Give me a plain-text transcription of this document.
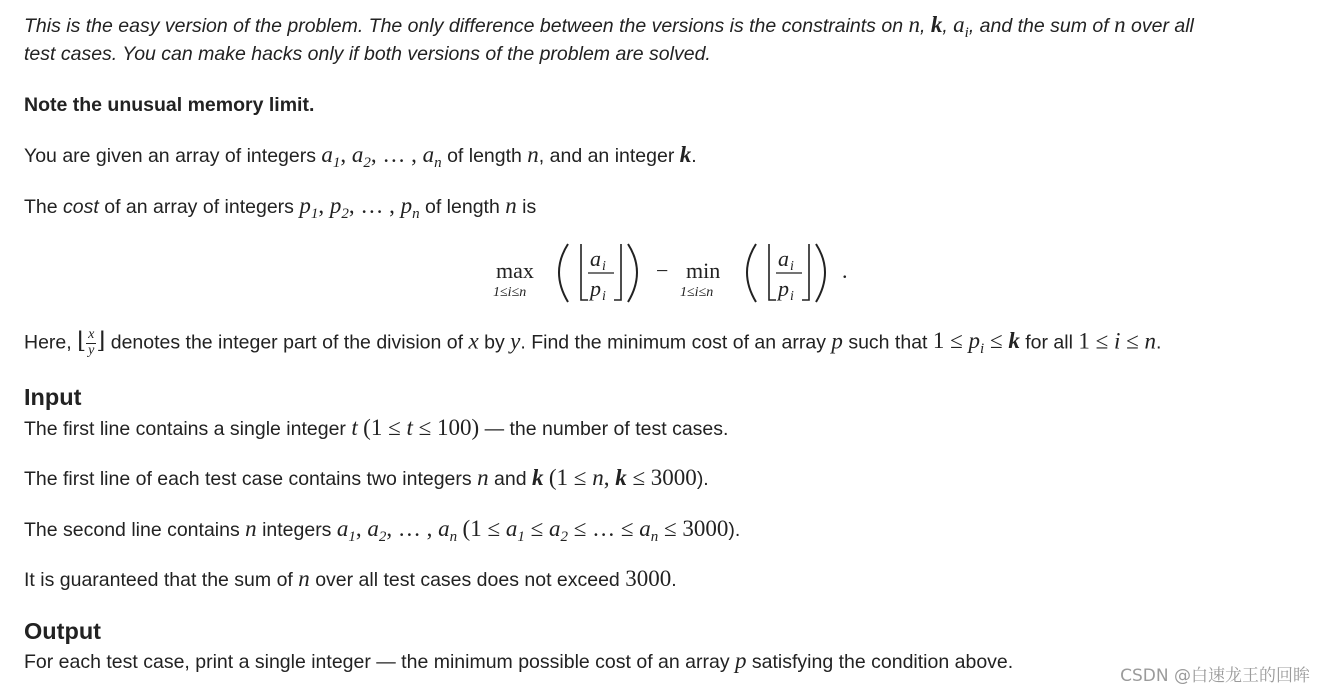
This is the easy version of the problem. The only difference between the versions is the constraints on n, k, $a_i$, and the sum of n over all
test cases. You can make hacks only if both versions of the problem are solved.
Note the unusual memory limit.
You are given an array of integers $a_1$, $a_2$, … , $a_n$ of length n, and an integer k.
The cost of an array of integers $p_1$, $p_2$, … , $p_n$ of length n is
max
1≤i≤n
a i
p i
− min
1≤i≤n
a i
p i
.
Here, ⌊ $\frac{x}{y}$ ⌋ denotes the integer part of the division of x by y. Find the minimum cost of an array p such that $1 \le p_i \le k$ for all 1 ≤ i ≤ n.
Input
The first line contains a single integer t (1 ≤ t ≤ 100) — the number of test cases.
The first line of each test case contains two integers n and k (1 ≤ n, k ≤ 3000).
The second line contains n integers $a_1$, $a_2$, … , $a_n$ ($1 \le a_1 \le a_2$ ≤ … ≤ $a_n \le 3000$).
It is guaranteed that the sum of n over all test cases does not exceed 3000.
Output
For each test case, print a single integer — the minimum possible cost of an array p satisfying the condition above.
CSDN @白速龙王的回眸
